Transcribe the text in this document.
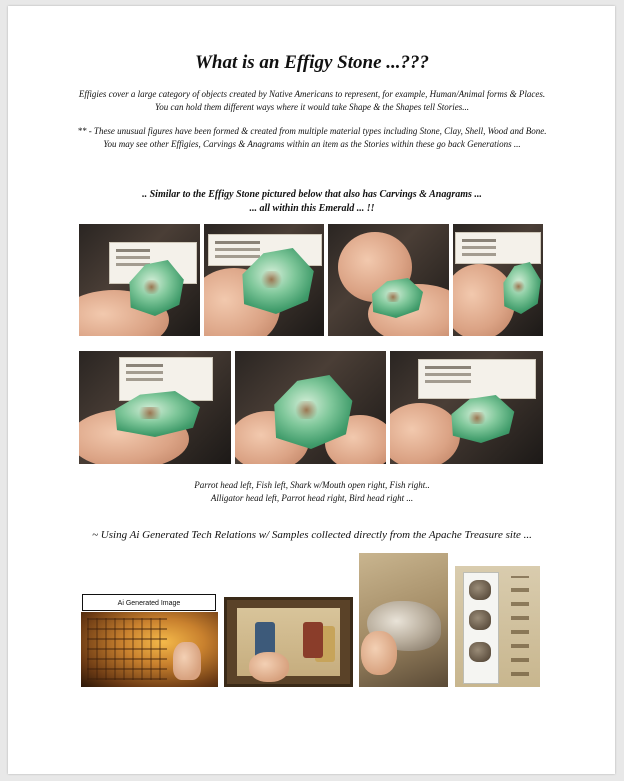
What is an Effigy Stone ...???
Effigies cover a large category of objects created by Native Americans to represent, for example, Human/Animal forms & Places. You can hold them different ways where it would take Shape & the Shapes tell Stories...
** - These unusual figures have been formed & created from multiple material types including Stone, Clay, Shell, Wood and Bone. You may see other Effigies, Carvings & Anagrams within an item as the Stories within these go back Generations ...
.. Similar to the Effigy Stone pictured below that also has Carvings & Anagrams ...
... all within this Emerald ... !!
Parrot head left, Fish left, Shark w/Mouth open right, Fish right..
Alligator head left, Parrot head right, Bird head right ...
~ Using Ai Generated Tech Relations w/ Samples collected directly from the Apache Treasure site ...
Ai Generated Image
